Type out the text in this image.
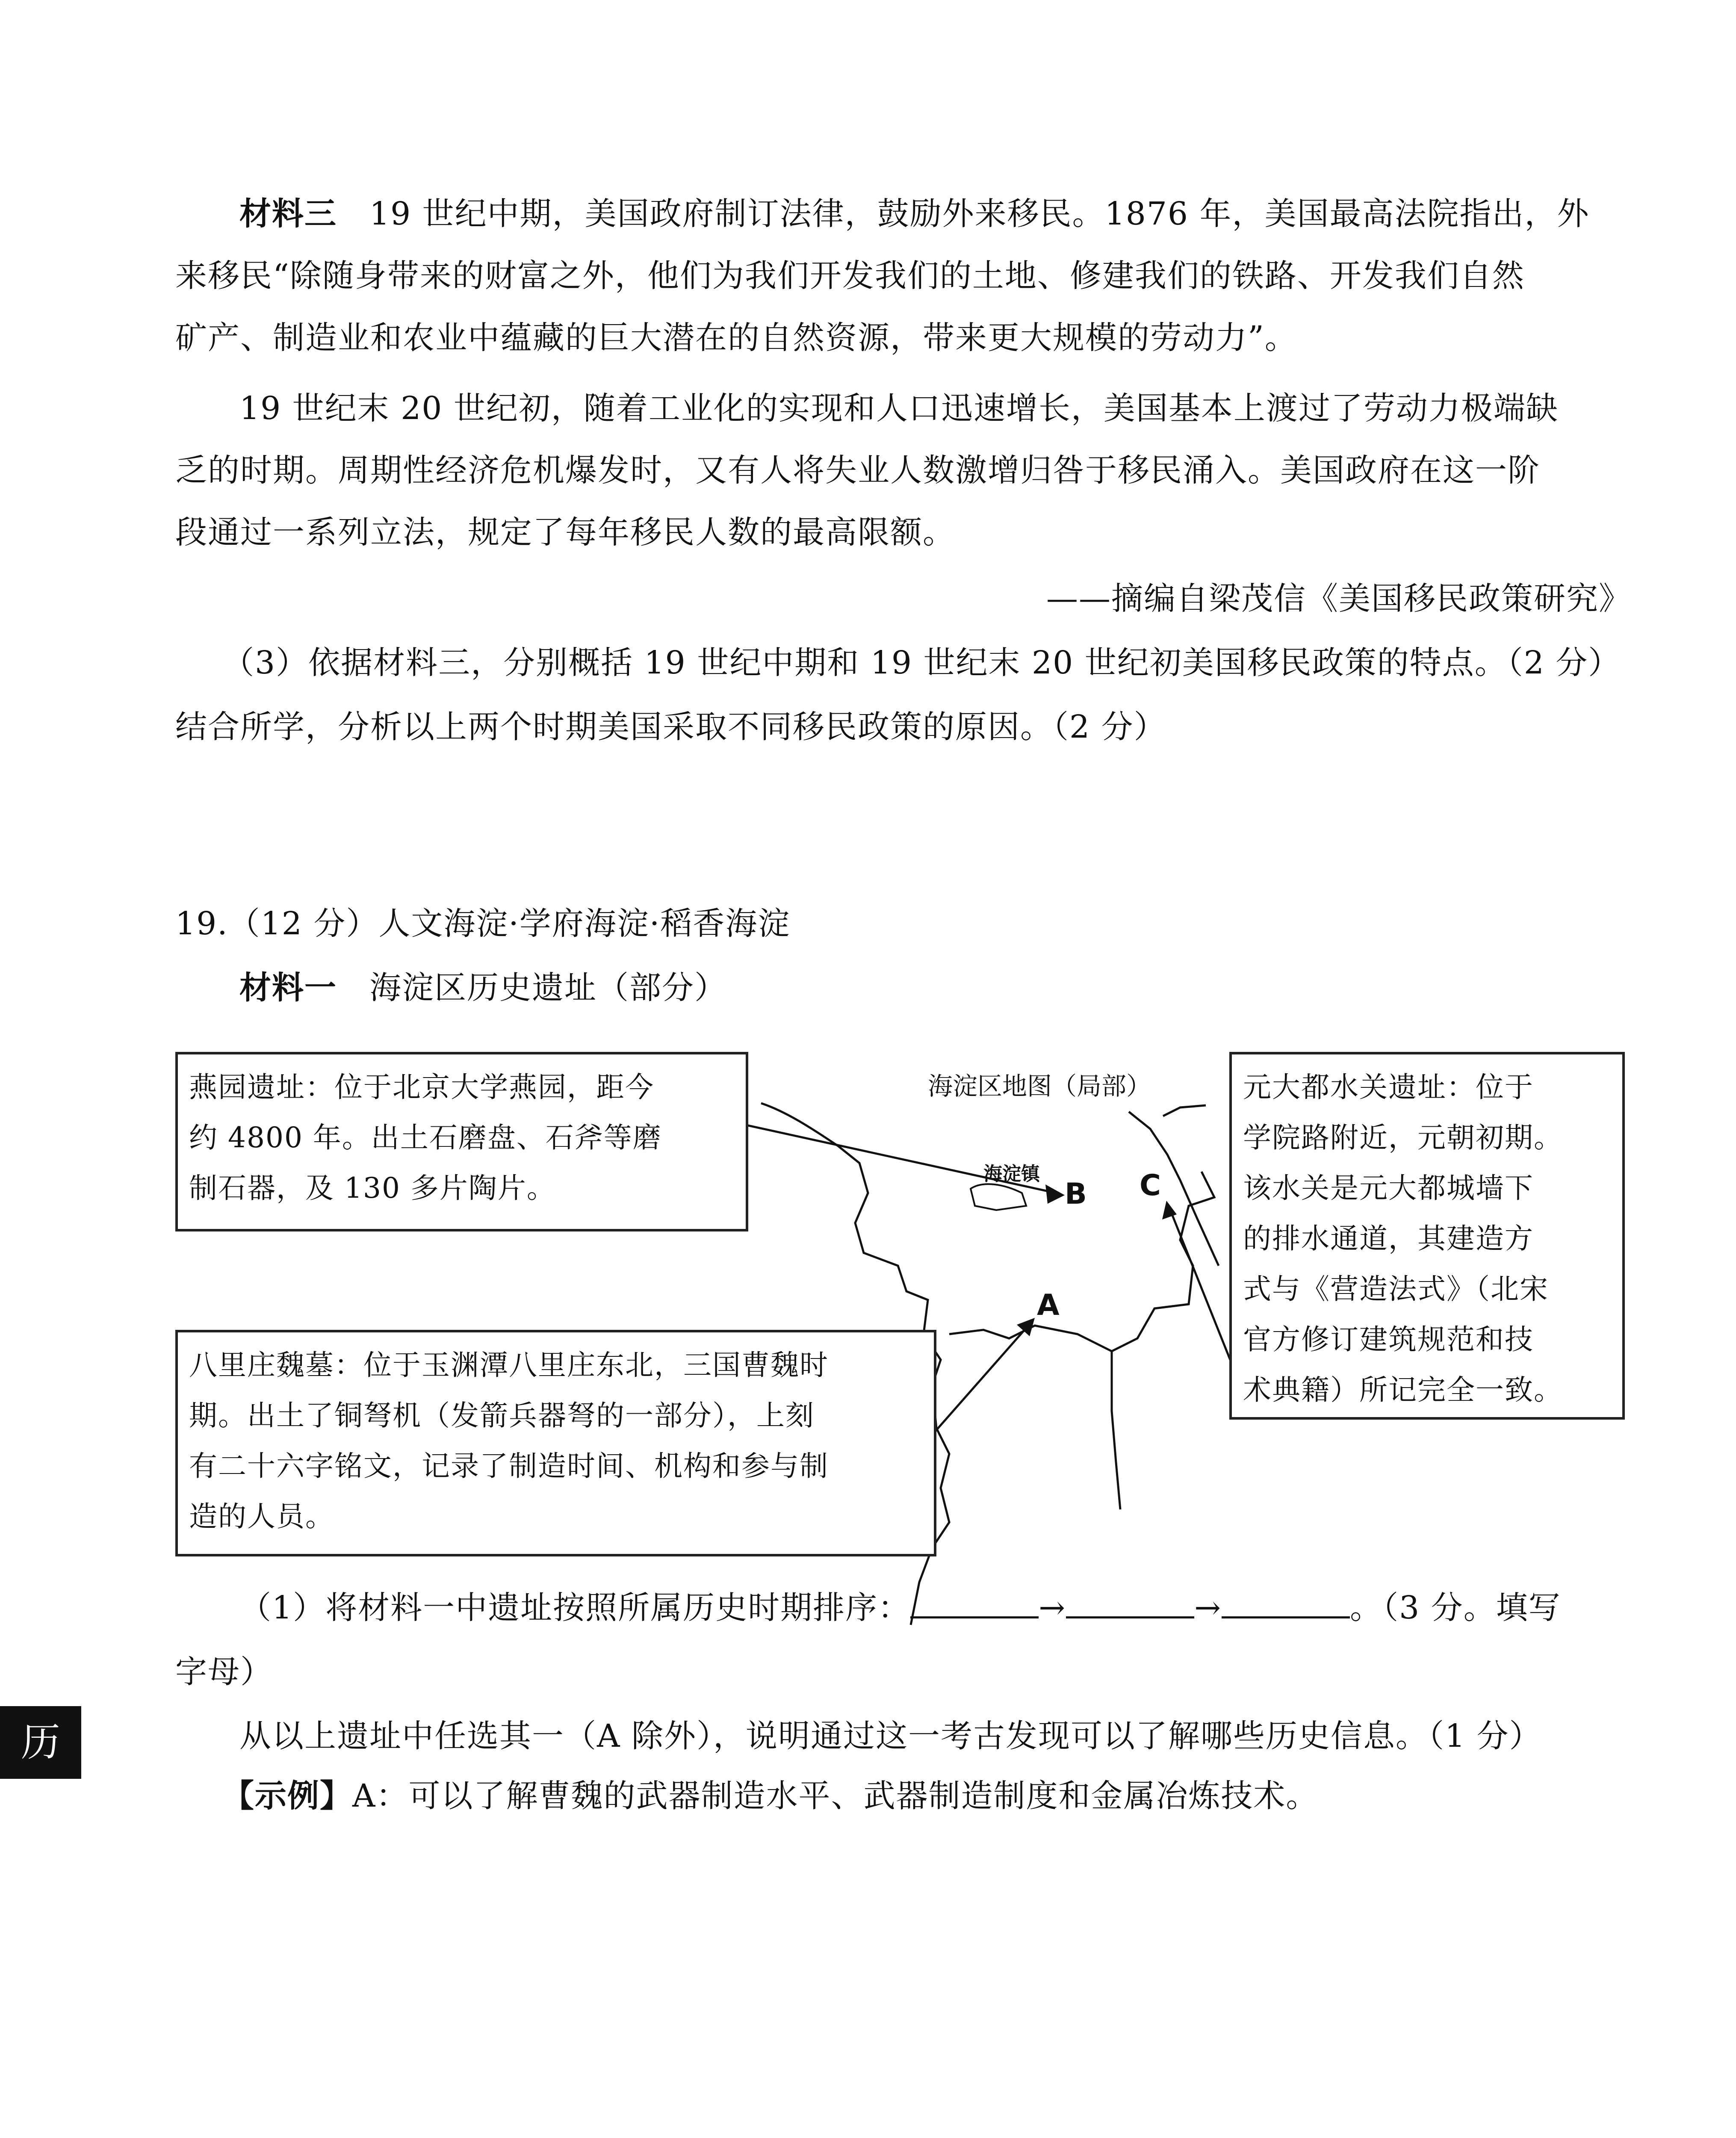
材料三　19 世纪中期，美国政府制订法律，鼓励外来移民。1876 年，美国最高法院指出，外
来移民“除随身带来的财富之外，他们为我们开发我们的土地、修建我们的铁路、开发我们自然
矿产、制造业和农业中蕴藏的巨大潜在的自然资源，带来更大规模的劳动力”。
19 世纪末 20 世纪初，随着工业化的实现和人口迅速增长，美国基本上渡过了劳动力极端缺
乏的时期。周期性经济危机爆发时，又有人将失业人数激增归咎于移民涌入。美国政府在这一阶
段通过一系列立法，规定了每年移民人数的最高限额。
——摘编自梁茂信《美国移民政策研究》
（3）依据材料三，分别概括 19 世纪中期和 19 世纪末 20 世纪初美国移民政策的特点。（2 分）
结合所学，分析以上两个时期美国采取不同移民政策的原因。（2 分）
19.（12 分）人文海淀·学府海淀·稻香海淀
材料一　 海淀区历史遗址（部分）
海淀区地图（局部）
海淀镇
A
B C
燕园遗址：位于北京大学燕园，距今
约 4800 年。出土石磨盘、石斧等磨
制石器，及 130 多片陶片。
八里庄魏墓：位于玉渊潭八里庄东北，三国曹魏时
期。出土了铜弩机（发箭兵器弩的一部分），上刻
有二十六字铭文，记录了制造时间、机构和参与制
造的人员。
元大都水关遗址：位于
学院路附近，元朝初期。
该水关是元大都城墙下
的排水通道，其建造方
式与《营造法式》（北宋
官方修订建筑规范和技
术典籍）所记完全一致。
（1）将材料一中遗址按照所属历史时期排序：	→	→	。（3 分。填写
字母）
从以上遗址中任选其一（A 除外），说明通过这一考古发现可以了解哪些历史信息。（1 分）
【示例】A：可以了解曹魏的武器制造水平、武器制造制度和金属冶炼技术。
历
